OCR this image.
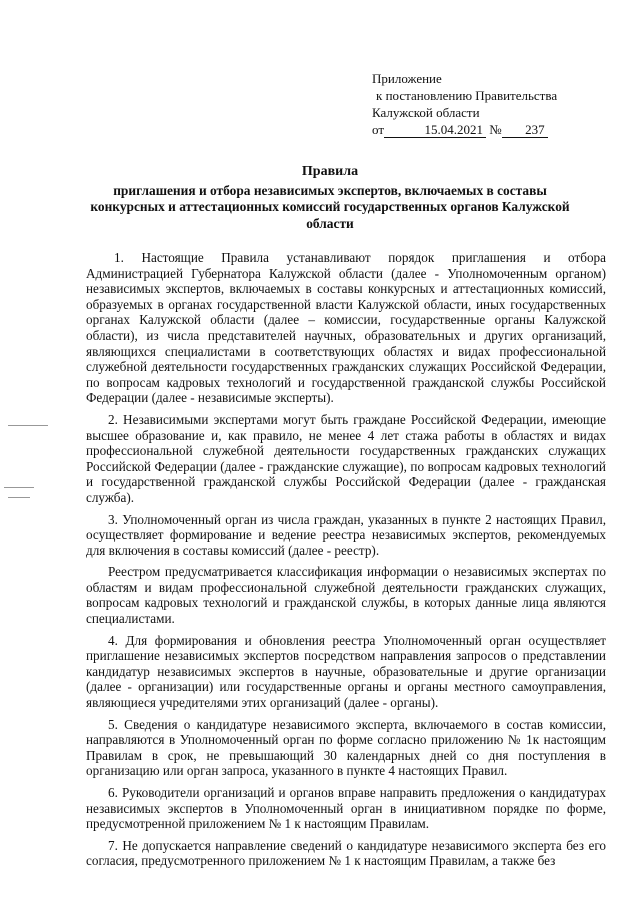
Приложение
к постановлению Правительства
Калужской области
от	15.04.2021 № 237
Правила
приглашения и отбора независимых экспертов, включаемых в составы
конкурсных и аттестационных комиссий государственных органов Калужской
области

1. Настоящие Правила устанавливают порядок приглашения и отбора Администрацией Губернатора Калужской области (далее - Уполномоченным органом) независимых экспертов, включаемых в составы конкурсных и аттестационных комиссий, образуемых в органах государственной власти Калужской области, иных государственных органах Калужской области (далее – комиссии, государственные органы Калужской области), из числа представителей научных, образовательных и других организаций, являющихся специалистами в соответствующих областях и видах профессиональной служебной деятельности государственных гражданских служащих Российской Федерации, по вопросам кадровых технологий и государственной гражданской службы Российской Федерации (далее - независимые эксперты).

2. Независимыми экспертами могут быть граждане Российской Федерации, имеющие высшее образование и, как правило, не менее 4 лет стажа работы в областях и видах профессиональной служебной деятельности государственных гражданских служащих Российской Федерации (далее - гражданские служащие), по вопросам кадровых технологий и государственной гражданской службы Российской Федерации (далее - гражданская служба).

3. Уполномоченный орган из числа граждан, указанных в пункте 2 настоящих Правил, осуществляет формирование и ведение реестра независимых экспертов, рекомендуемых для включения в составы комиссий (далее - реестр).

Реестром предусматривается классификация информации о независимых экспертах по областям и видам профессиональной служебной деятельности гражданских служащих, вопросам кадровых технологий и гражданской службы, в которых данные лица являются специалистами.

4. Для формирования и обновления реестра Уполномоченный орган осуществляет приглашение независимых экспертов посредством направления запросов о представлении кандидатур независимых экспертов в научные, образовательные и другие организации (далее - организации) или государственные органы и органы местного самоуправления, являющиеся учредителями этих организаций (далее - органы).

5. Сведения о кандидатуре независимого эксперта, включаемого в состав комиссии, направляются в Уполномоченный орган по форме согласно приложению № 1к настоящим Правилам в срок, не превышающий 30 календарных дней со дня поступления в организацию или орган запроса, указанного в пункте 4 настоящих Правил.

6. Руководители организаций и органов вправе направить предложения о кандидатурах независимых экспертов в Уполномоченный орган в инициативном порядке по форме, предусмотренной приложением № 1 к настоящим Правилам.

7. Не допускается направление сведений о кандидатуре независимого эксперта без его согласия, предусмотренного приложением № 1 к настоящим Правилам, а также без
